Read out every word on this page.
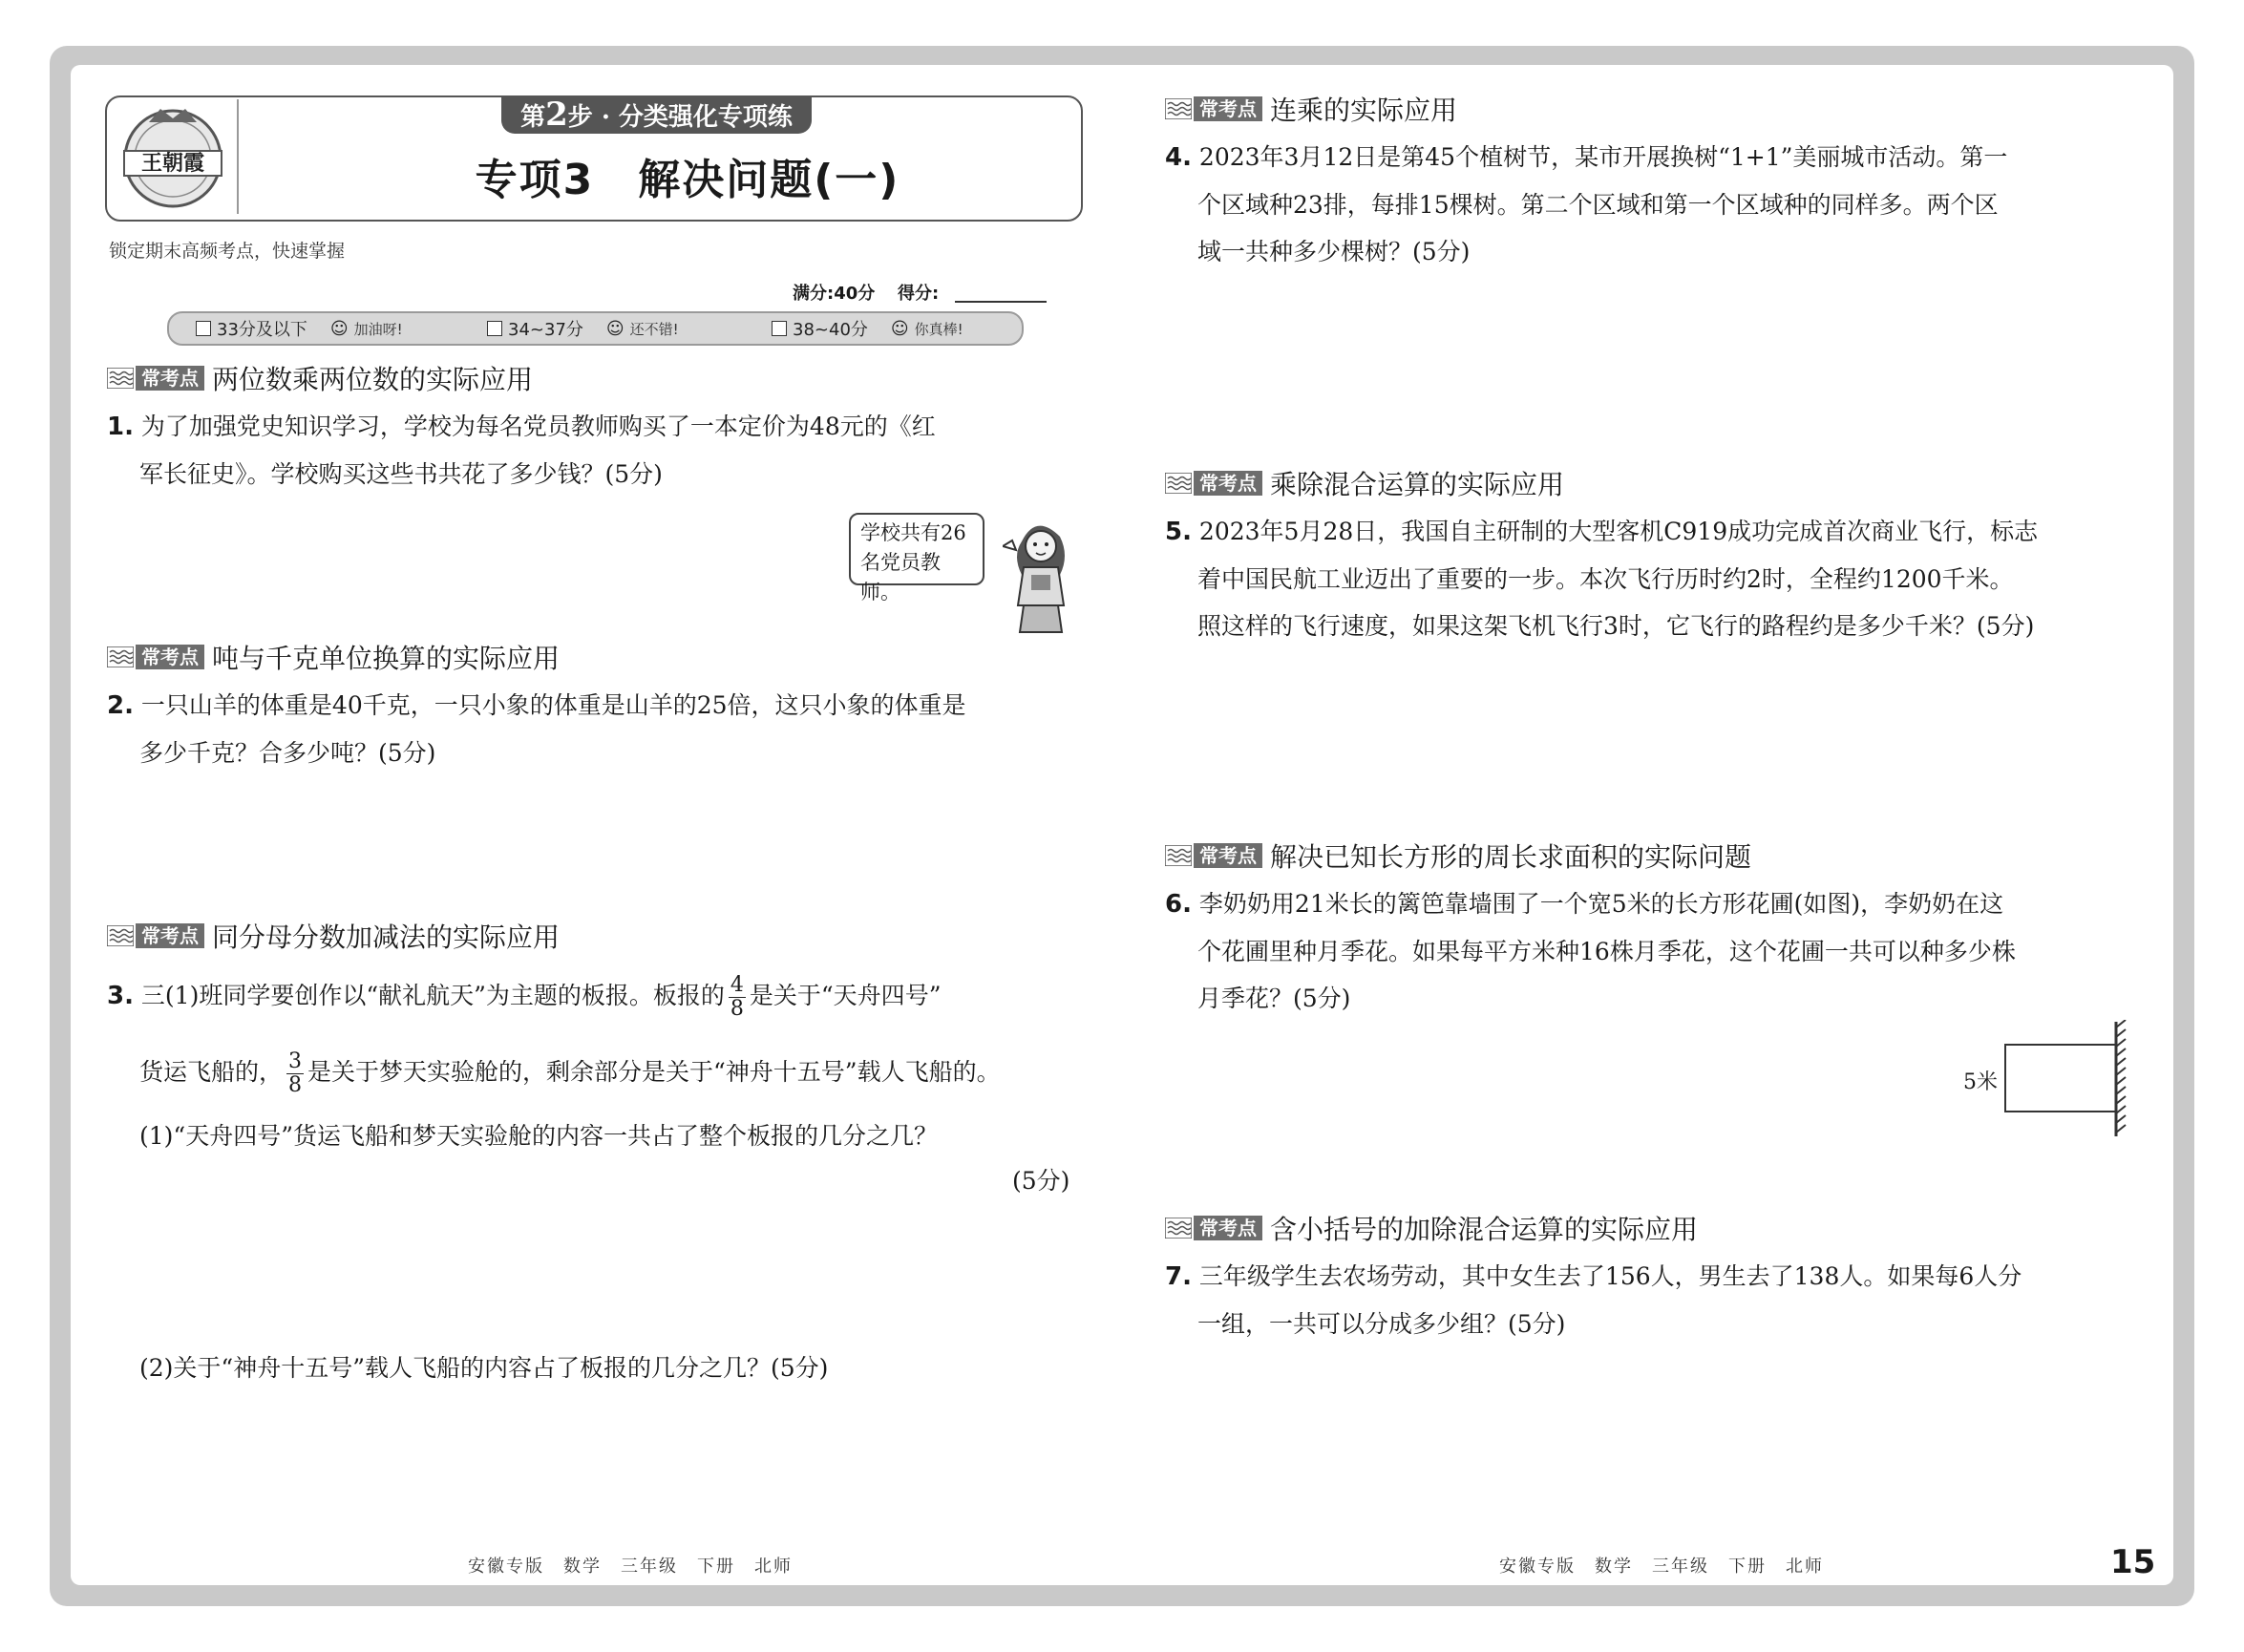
王朝霞
第2步 · 分类强化专项练
专项3　解决问题(一)
锁定期末高频考点，快速掌握
满分:40分 得分:
33分及以下 ☺ 加油呀!	34~37分 ☺ 还不错!	38~40分 ☺ 你真棒!
常考点 两位数乘两位数的实际应用
1. 为了加强党史知识学习，学校为每名党员教师购买了一本定价为48元的《红
军长征史》。学校购买这些书共花了多少钱？(5分)
学校共有26
名党员教师。
常考点 吨与千克单位换算的实际应用
2. 一只山羊的体重是40千克，一只小象的体重是山羊的25倍，这只小象的体重是
多少千克？合多少吨？(5分)
常考点 同分母分数加减法的实际应用
3. 三(1)班同学要创作以“献礼航天”为主题的板报。板报的 $\frac{4}{8}$ 是关于“天舟四号”
货运飞船的， $\frac{3}{8}$ 是关于梦天实验舱的，剩余部分是关于“神舟十五号”载人飞船的。
(1)“天舟四号”货运飞船和梦天实验舱的内容一共占了整个板报的几分之几？
(5分)
(2)关于“神舟十五号”载人飞船的内容占了板报的几分之几？(5分)
常考点 连乘的实际应用
4. 2023年3月12日是第45个植树节，某市开展换树“1+1”美丽城市活动。第一
个区域种23排，每排15棵树。第二个区域和第一个区域种的同样多。两个区
域一共种多少棵树？(5分)
常考点 乘除混合运算的实际应用
5. 2023年5月28日，我国自主研制的大型客机C919成功完成首次商业飞行，标志
着中国民航工业迈出了重要的一步。本次飞行历时约2时，全程约1200千米。
照这样的飞行速度，如果这架飞机飞行3时，它飞行的路程约是多少千米？(5分)
常考点 解决已知长方形的周长求面积的实际问题
6. 李奶奶用21米长的篱笆靠墙围了一个宽5米的长方形花圃(如图)，李奶奶在这
个花圃里种月季花。如果每平方米种16株月季花，这个花圃一共可以种多少株
月季花？(5分)
5米
常考点 含小括号的加除混合运算的实际应用
7. 三年级学生去农场劳动，其中女生去了156人，男生去了138人。如果每6人分
一组，一共可以分成多少组？(5分)
安徽专版　数学　三年级　下册　北师	安徽专版　数学　三年级　下册　北师	15
